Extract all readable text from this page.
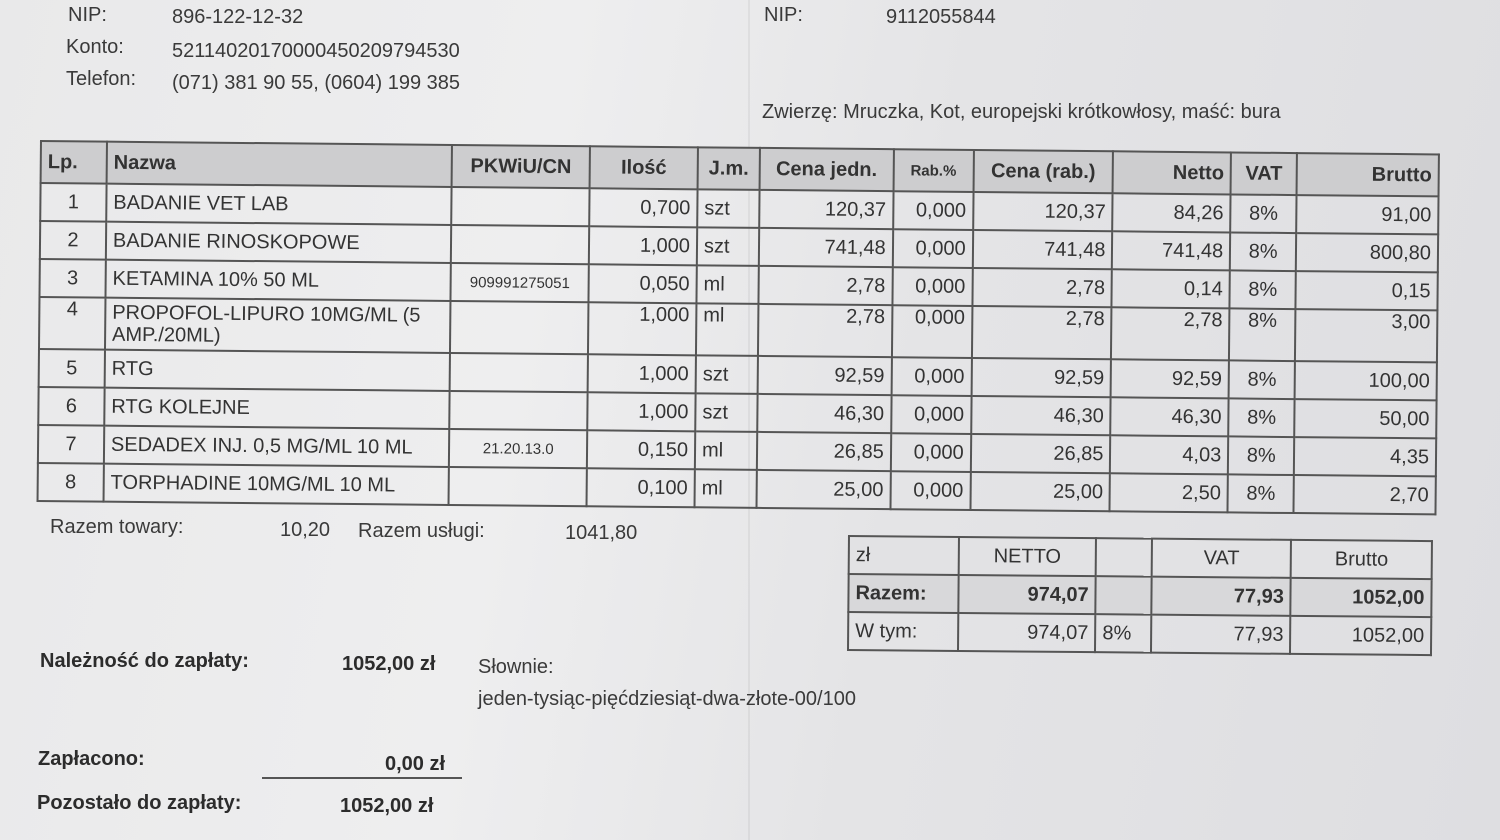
NIP:	896-122-12-32
Konto: 52114020170000450209794530
Telefon: (071) 381 90 55, (0604) 199 385
NIP:	9112055844
Zwierzę: Mruczka, Kot, europejski krótkowłosy, maść: bura
Lp.	Nazwa	PKWiU/CN	Ilość	J.m.	Cena jedn.	Rab.%	Cena (rab.)	Netto	VAT	Brutto
1	BADANIE VET LAB		0,700	szt	120,37	0,000	120,37	84,26	8%	91,00
2	BADANIE RINOSKOPOWE		1,000	szt	741,48	0,000	741,48	741,48	8%	800,80
3	KETAMINA 10% 50 ML	909991275051	0,050	ml	2,78	0,000	2,78	0,14	8%	0,15
4	PROPOFOL-LIPURO 10MG/ML (5 AMP./20ML)		1,000	ml	2,78	0,000	2,78	2,78	8%	3,00
5	RTG		1,000	szt	92,59	0,000	92,59	92,59	8%	100,00
6	RTG KOLEJNE		1,000	szt	46,30	0,000	46,30	46,30	8%	50,00
7	SEDADEX INJ. 0,5 MG/ML 10 ML	21.20.13.0	0,150	ml	26,85	0,000	26,85	4,03	8%	4,35
8	TORPHADINE 10MG/ML 10 ML		0,100	ml	25,00	0,000	25,00	2,50	8%	2,70
Razem towary:	10,20 Razem usługi:	1041,80
zł	NETTO		VAT	Brutto
Razem:	974,07		77,93	1052,00
W tym:	974,07	8%	77,93	1052,00
Należność do zapłaty:	1052,00 zł Słownie:
jeden-tysiąc-pięćdziesiąt-dwa-złote-00/100
Zapłacono:	0,00 zł
Pozostało do zapłaty:	1052,00 zł
